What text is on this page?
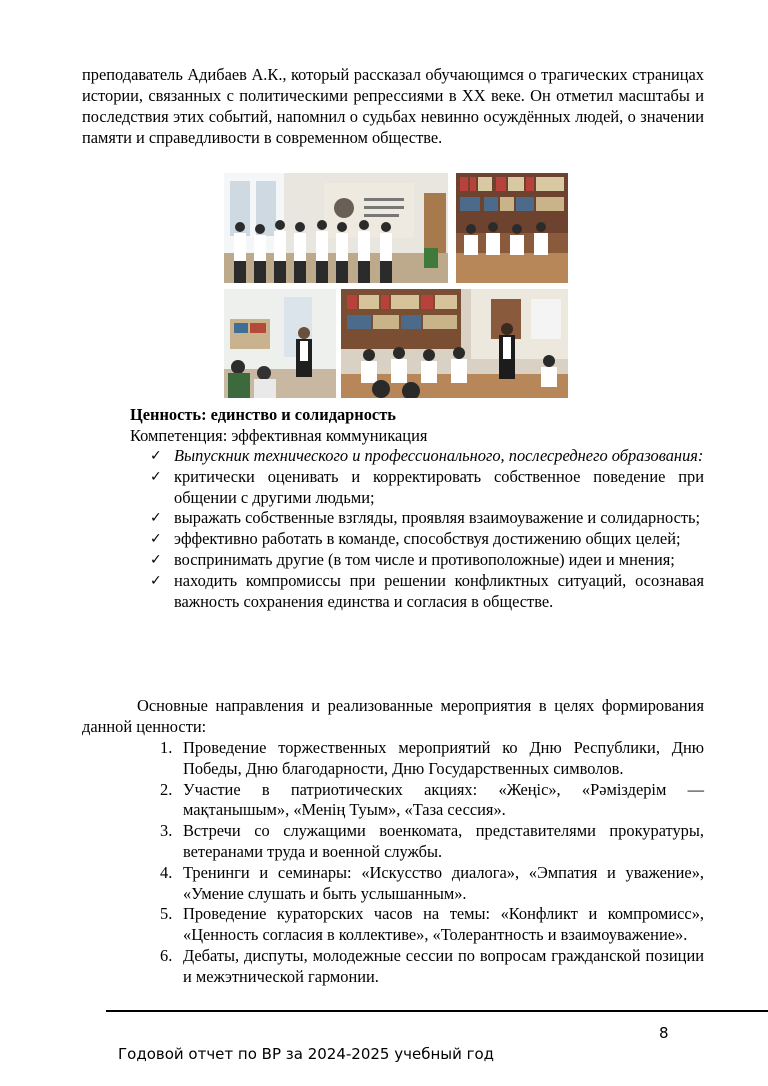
преподаватель Адибаев А.К., который рассказал обучающимся о трагических страницах истории, связанных с политическими репрессиями в XX веке. Он отметил масштабы и последствия этих событий, напомнил о судьбах невинно осуждённых людей, о значении памяти и справедливости в современном обществе.

Ценность: единство и солидарность

Компетенция: эффективная коммуникация

✓ Выпускник технического и профессионального, послесреднего образования:
✓ критически оценивать и корректировать собственное поведение при общении с другими людьми;
✓ выражать собственные взгляды, проявляя взаимоуважение и солидарность;
✓ эффективно работать в команде, способствуя достижению общих целей;
✓ воспринимать другие (в том числе и противоположные) идеи и мнения;
✓ находить компромиссы при решении конфликтных ситуаций, осознавая важность сохранения единства и согласия в обществе.

Основные направления и реализованные мероприятия в целях формирования данной ценности:

1. Проведение торжественных мероприятий ко Дню Республики, Дню Победы, Дню благодарности, Дню Государственных символов.
2. Участие в патриотических акциях: «Жеңіс», «Рәміздерім — мақтанышым», «Менің Туым», «Таза сессия».
3. Встречи со служащими военкомата, представителями прокуратуры, ветеранами труда и военной службы.
4. Тренинги и семинары: «Искусство диалога», «Эмпатия и уважение», «Умение слушать и быть услышанным».
5. Проведение кураторских часов на темы: «Конфликт и компромисс», «Ценность согласия в коллективе», «Толерантность и взаимоуважение».
6. Дебаты, диспуты, молодежные сессии по вопросам гражданской позиции и межэтнической гармонии.
8
Годовой отчет по ВР за 2024-2025 учебный год
